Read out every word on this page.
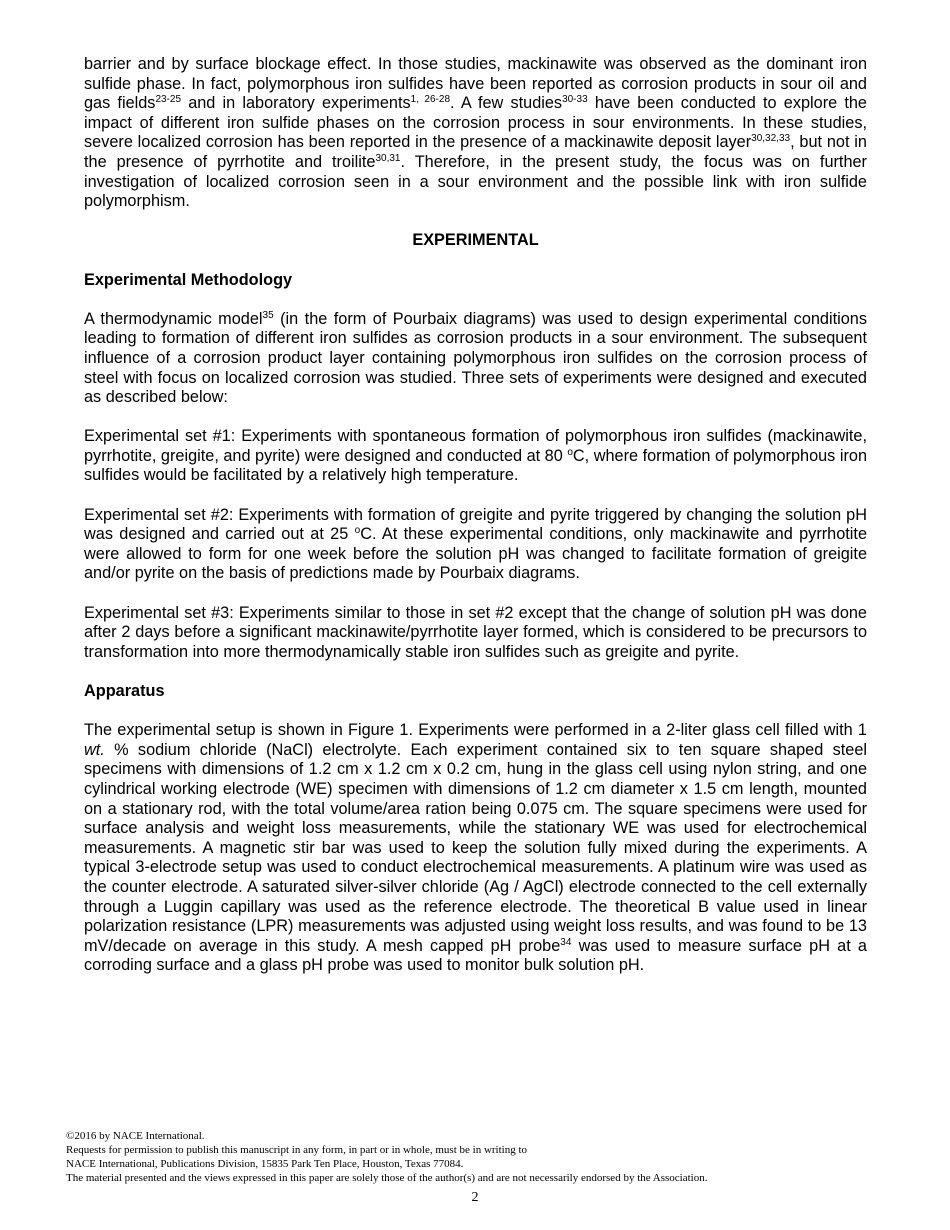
barrier and by surface blockage effect. In those studies, mackinawite was observed as the dominant iron sulfide phase. In fact, polymorphous iron sulfides have been reported as corrosion products in sour oil and gas fields$^{23-25}$ and in laboratory experiments$^{1, 26-28}$. A few studies$^{30-33}$ have been conducted to explore the impact of different iron sulfide phases on the corrosion process in sour environments. In these studies, severe localized corrosion has been reported in the presence of a mackinawite deposit layer$^{30,32,33}$, but not in the presence of pyrrhotite and troilite$^{30,31}$. Therefore, in the present study, the focus was on further investigation of localized corrosion seen in a sour environment and the possible link with iron sulfide polymorphism.

EXPERIMENTAL
Experimental Methodology

A thermodynamic model$^{35}$ (in the form of Pourbaix diagrams) was used to design experimental conditions leading to formation of different iron sulfides as corrosion products in a sour environment. The subsequent influence of a corrosion product layer containing polymorphous iron sulfides on the corrosion process of steel with focus on localized corrosion was studied. Three sets of experiments were designed and executed as described below:

Experimental set #1: Experiments with spontaneous formation of polymorphous iron sulfides (mackinawite, pyrrhotite, greigite, and pyrite) were designed and conducted at 80 $^o$C, where formation of polymorphous iron sulfides would be facilitated by a relatively high temperature.

Experimental set #2: Experiments with formation of greigite and pyrite triggered by changing the solution pH was designed and carried out at 25 $^o$C. At these experimental conditions, only mackinawite and pyrrhotite were allowed to form for one week before the solution pH was changed to facilitate formation of greigite and/or pyrite on the basis of predictions made by Pourbaix diagrams.

Experimental set #3: Experiments similar to those in set #2 except that the change of solution pH was done after 2 days before a significant mackinawite/pyrrhotite layer formed, which is considered to be precursors to transformation into more thermodynamically stable iron sulfides such as greigite and pyrite.

Apparatus

The experimental setup is shown in Figure 1. Experiments were performed in a 2-liter glass cell filled with 1 wt. % sodium chloride (NaCl) electrolyte. Each experiment contained six to ten square shaped steel specimens with dimensions of 1.2 cm x 1.2 cm x 0.2 cm, hung in the glass cell using nylon string, and one cylindrical working electrode (WE) specimen with dimensions of 1.2 cm diameter x 1.5 cm length, mounted on a stationary rod, with the total volume/area ration being 0.075 cm. The square specimens were used for surface analysis and weight loss measurements, while the stationary WE was used for electrochemical measurements. A magnetic stir bar was used to keep the solution fully mixed during the experiments. A typical 3-electrode setup was used to conduct electrochemical measurements. A platinum wire was used as the counter electrode. A saturated silver-silver chloride (Ag / AgCl) electrode connected to the cell externally through a Luggin capillary was used as the reference electrode. The theoretical B value used in linear polarization resistance (LPR) measurements was adjusted using weight loss results, and was found to be 13 mV/decade on average in this study. A mesh capped pH probe$^{34}$ was used to measure surface pH at a corroding surface and a glass pH probe was used to monitor bulk solution pH.

©2016 by NACE International.
Requests for permission to publish this manuscript in any form, in part or in whole, must be in writing to
NACE International, Publications Division, 15835 Park Ten Place, Houston, Texas 77084.
The material presented and the views expressed in this paper are solely those of the author(s) and are not necessarily endorsed by the Association.
2
